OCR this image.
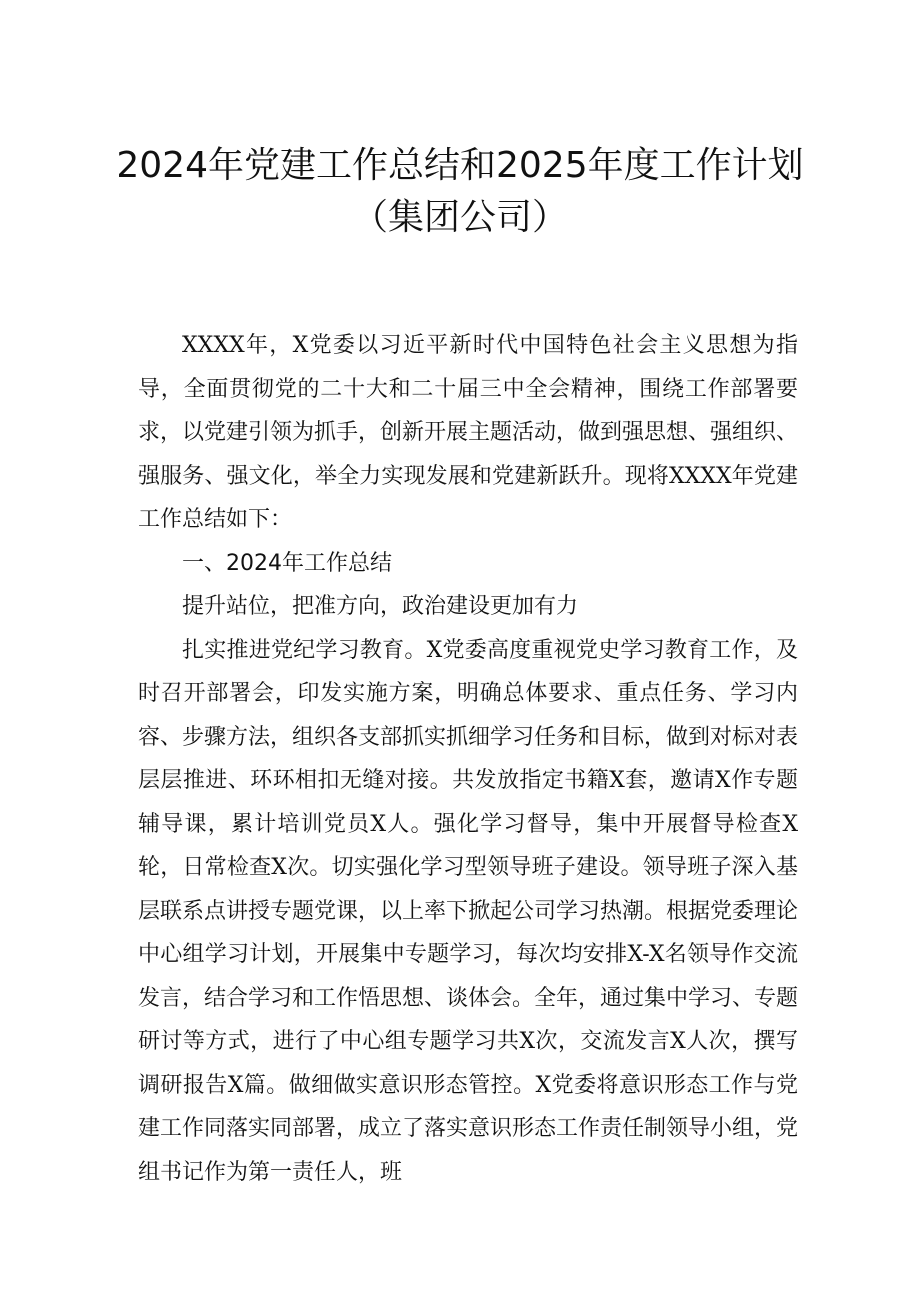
2024年党建工作总结和2025年度工作计划
（集团公司）

XXXX年，X党委以习近平新时代中国特色社会主义思想为指导，全面贯彻党的二十大和二十届三中全会精神，围绕工作部署要求，以党建引领为抓手，创新开展主题活动，做到强思想、强组织、强服务、强文化，举全力实现发展和党建新跃升。现将XXXX年党建工作总结如下：

一、2024年工作总结

提升站位，把准方向，政治建设更加有力

扎实推进党纪学习教育。X党委高度重视党史学习教育工作，及时召开部署会，印发实施方案，明确总体要求、重点任务、学习内容、步骤方法，组织各支部抓实抓细学习任务和目标，做到对标对表层层推进、环环相扣无缝对接。共发放指定书籍X套，邀请X作专题辅导课，累计培训党员X人。强化学习督导，集中开展督导检查X轮，日常检查X次。切实强化学习型领导班子建设。领导班子深入基层联系点讲授专题党课，以上率下掀起公司学习热潮。根据党委理论中心组学习计划，开展集中专题学习，每次均安排X-X名领导作交流发言，结合学习和工作悟思想、谈体会。全年，通过集中学习、专题研讨等方式，进行了中心组专题学习共X次，交流发言X人次，撰写调研报告X篇。做细做实意识形态管控。X党委将意识形态工作与党建工作同落实同部署，成立了落实意识形态工作责任制领导小组，党组书记作为第一责任人，班
